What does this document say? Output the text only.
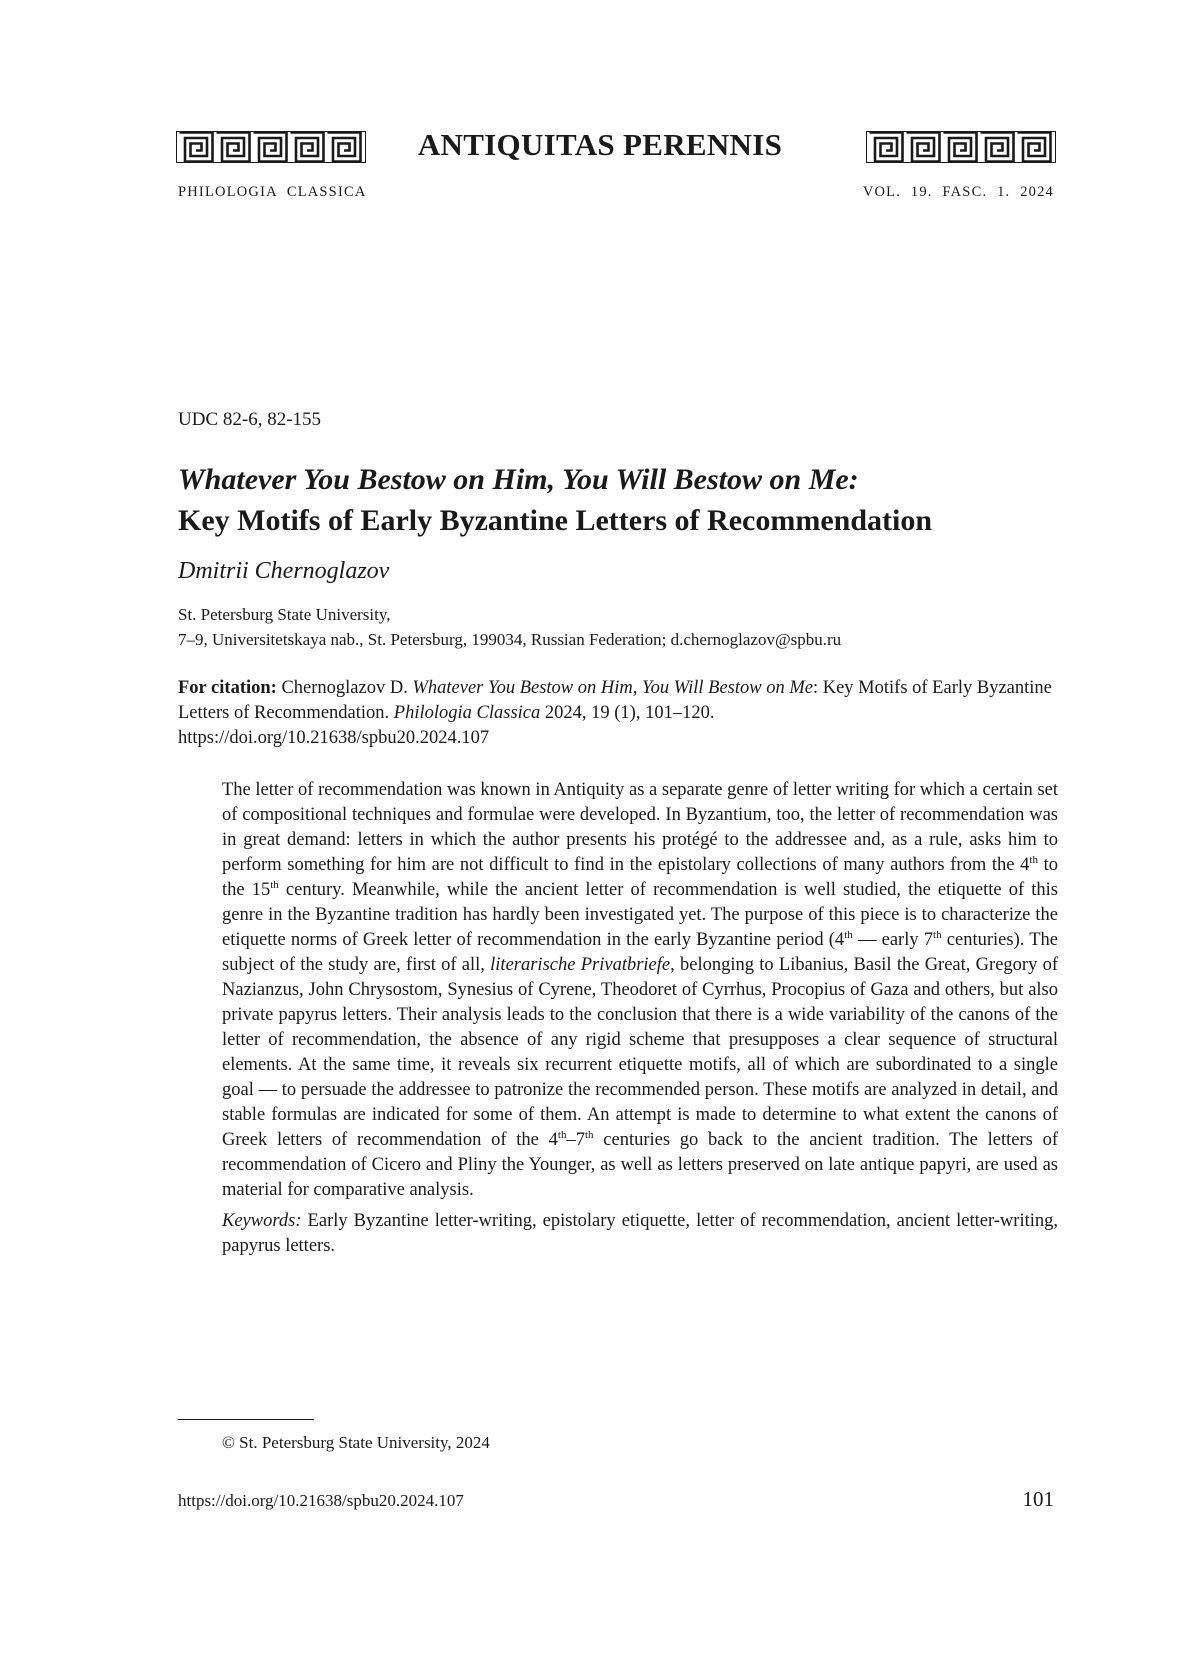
ANTIQUITAS PERENNIS
PHILOLOGIA CLASSICA	VOL. 19. FASC. 1. 2024
UDC 82-6, 82-155
Whatever You Bestow on Him, You Will Bestow on Me:
Key Motifs of Early Byzantine Letters of Recommendation
Dmitrii Chernoglazov
St. Petersburg State University,
7–9, Universitetskaya nab., St. Petersburg, 199034, Russian Federation; d.chernoglazov@spbu.ru
For citation: Chernoglazov D. Whatever You Bestow on Him, You Will Bestow on Me: Key Motifs of Early Byzantine Letters of Recommendation. Philologia Classica 2024, 19 (1), 101–120.
https://doi.org/10.21638/spbu20.2024.107

The letter of recommendation was known in Antiquity as a separate genre of letter writing for which a certain set of compositional techniques and formulae were developed. In Byzantium, too, the letter of recommendation was in great demand: letters in which the author presents his protégé to the addressee and, as a rule, asks him to perform something for him are not difficult to find in the epistolary collections of many authors from the 4th to the 15th century. Meanwhile, while the ancient letter of recommendation is well studied, the etiquette of this genre in the Byzantine tradition has hardly been investigated yet. The purpose of this piece is to characterize the etiquette norms of Greek letter of recommendation in the early Byzantine period (4th — early 7th centuries). The subject of the study are, first of all, literarische Privatbriefe, belonging to Libanius, Basil the Great, Gregory of Nazianzus, John Chrysostom, Synesius of Cyrene, Theodoret of Cyrrhus, Procopius of Gaza and others, but also private papyrus letters. Their analysis leads to the conclusion that there is a wide variability of the canons of the letter of recommendation, the absence of any rigid scheme that presupposes a clear sequence of structural elements. At the same time, it reveals six recurrent etiquette motifs, all of which are subordinated to a single goal — to persuade the addressee to patronize the recommended person. These motifs are analyzed in detail, and stable formulas are indicated for some of them. An attempt is made to determine to what extent the canons of Greek letters of recommendation of the 4th–7th centuries go back to the ancient tradition. The letters of recommendation of Cicero and Pliny the Younger, as well as letters preserved on late antique papyri, are used as material for comparative analysis.

Keywords: Early Byzantine letter-writing, epistolary etiquette, letter of recommendation, ancient letter-writing, papyrus letters.

© St. Petersburg State University, 2024
https://doi.org/10.21638/spbu20.2024.107	101
